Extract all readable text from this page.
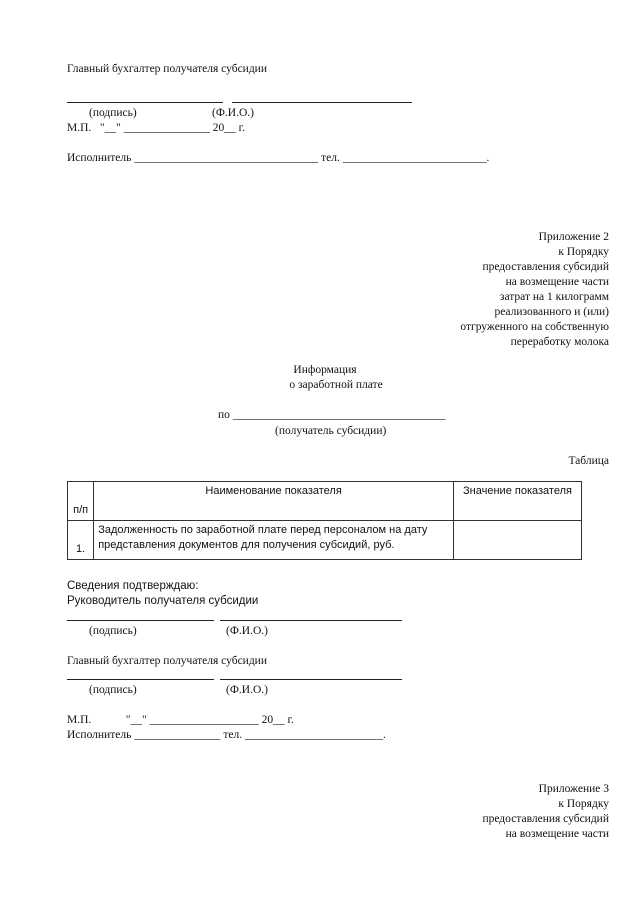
Главный бухгалтер получателя субсидии
(подпись)	(Ф.И.О.)
М.П.   "__" _______________ 20__ г.
Исполнитель ________________________________ тел. _________________________.
Приложение 2
к Порядку
предоставления субсидий
на возмещение части
затрат на 1 килограмм
реализованного и (или)
отгруженного на собственную
переработку молока
Информация
о заработной плате
по _____________________________________
(получатель субсидии)
Таблица
п/п	Наименование показателя	Значение показателя
1.	Задолженность по заработной плате перед персоналом на дату представления документов для получения субсидий, руб.	
Сведения подтверждаю:
Руководитель получателя субсидии
(подпись)	(Ф.И.О.)
Главный бухгалтер получателя субсидии
(подпись)	(Ф.И.О.)
М.П.            "__" ___________________ 20__ г.
Исполнитель _______________ тел. ________________________.
Приложение 3
к Порядку
предоставления субсидий
на возмещение части
